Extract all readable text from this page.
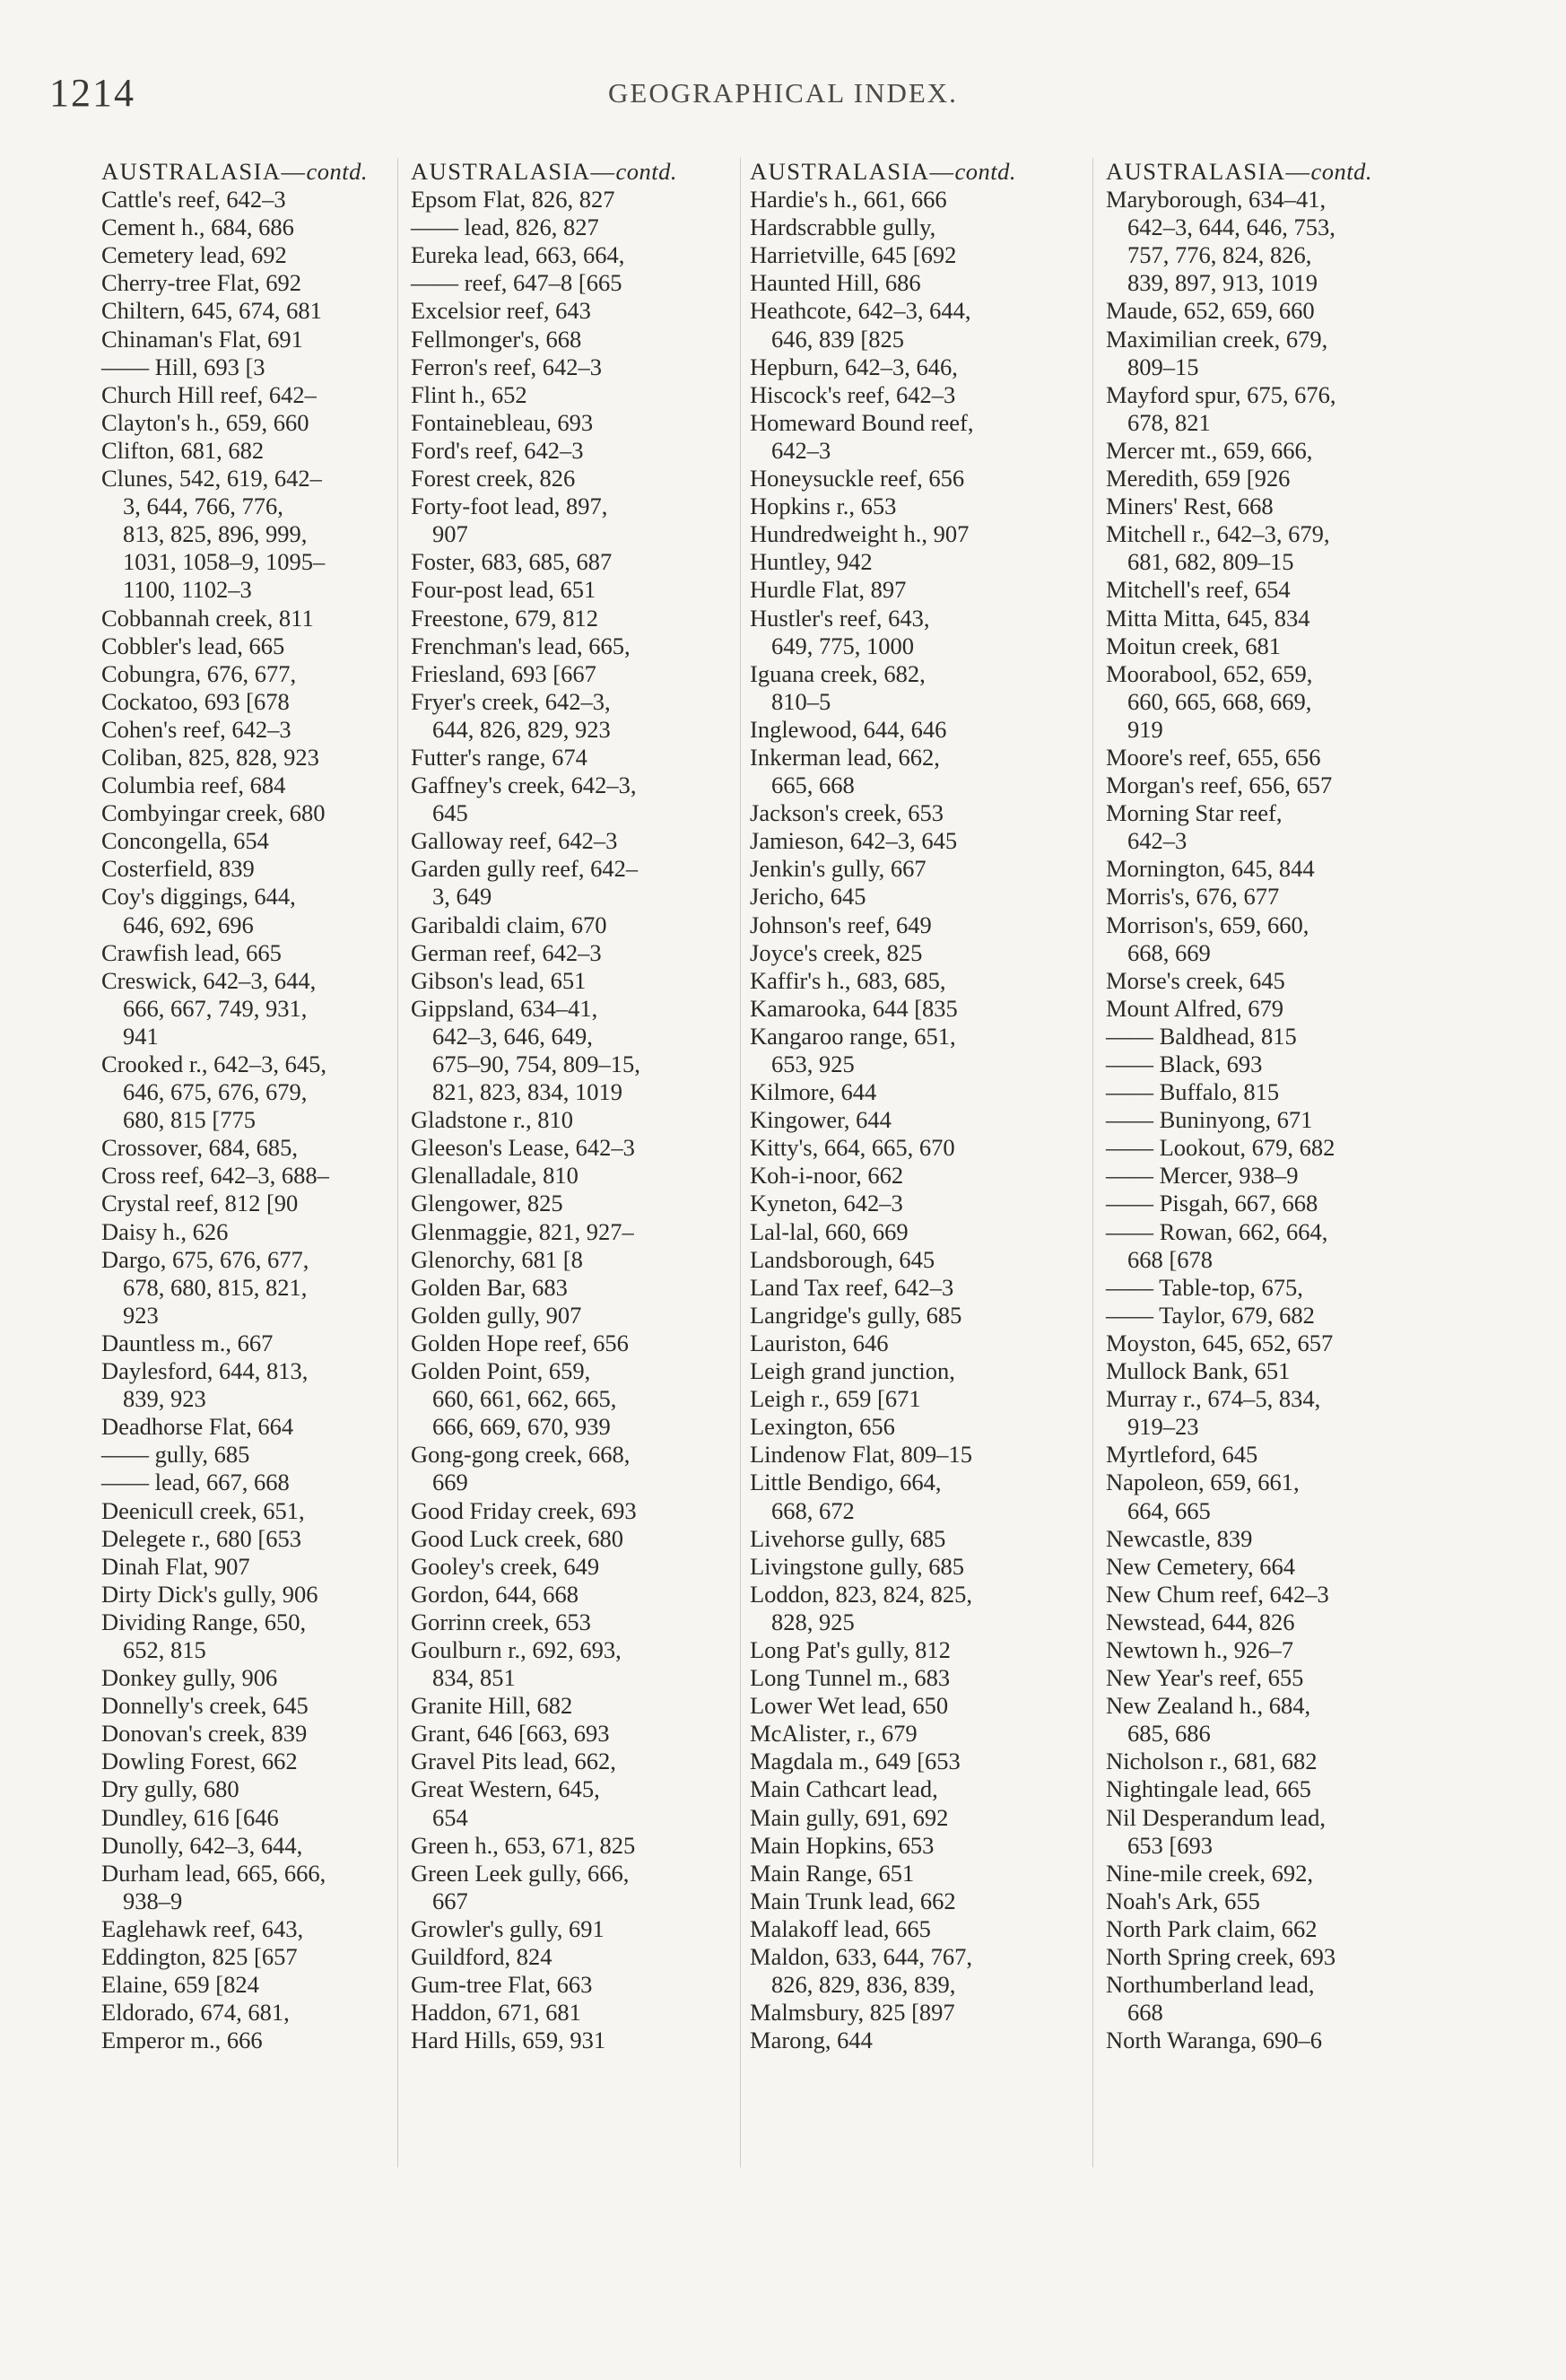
1214	GEOGRAPHICAL INDEX.
AUSTRALASIA—contd.
Cattle's reef, 642–3
Cement h., 684, 686
Cemetery lead, 692
Cherry-tree Flat, 692
Chiltern, 645, 674, 681
Chinaman's Flat, 691
—— Hill, 693 [3
Church Hill reef, 642–
Clayton's h., 659, 660
Clifton, 681, 682
Clunes, 542, 619, 642–
3, 644, 766, 776,
813, 825, 896, 999,
1031, 1058–9, 1095–
1100, 1102–3
Cobbannah creek, 811
Cobbler's lead, 665
Cobungra, 676, 677,
Cockatoo, 693 [678
Cohen's reef, 642–3
Coliban, 825, 828, 923
Columbia reef, 684
Combyingar creek, 680
Concongella, 654
Costerfield, 839
Coy's diggings, 644,
646, 692, 696
Crawfish lead, 665
Creswick, 642–3, 644,
666, 667, 749, 931,
941
Crooked r., 642–3, 645,
646, 675, 676, 679,
680, 815 [775
Crossover, 684, 685,
Cross reef, 642–3, 688–
Crystal reef, 812 [90
Daisy h., 626
Dargo, 675, 676, 677,
678, 680, 815, 821,
923
Dauntless m., 667
Daylesford, 644, 813,
839, 923
Deadhorse Flat, 664
—— gully, 685
—— lead, 667, 668
Deenicull creek, 651,
Delegete r., 680 [653
Dinah Flat, 907
Dirty Dick's gully, 906
Dividing Range, 650,
652, 815
Donkey gully, 906
Donnelly's creek, 645
Donovan's creek, 839
Dowling Forest, 662
Dry gully, 680
Dundley, 616 [646
Dunolly, 642–3, 644,
Durham lead, 665, 666,
938–9
Eaglehawk reef, 643,
Eddington, 825 [657
Elaine, 659 [824
Eldorado, 674, 681,
Emperor m., 666
AUSTRALASIA—contd.
Epsom Flat, 826, 827
—— lead, 826, 827
Eureka lead, 663, 664,
—— reef, 647–8 [665
Excelsior reef, 643
Fellmonger's, 668
Ferron's reef, 642–3
Flint h., 652
Fontainebleau, 693
Ford's reef, 642–3
Forest creek, 826
Forty-foot lead, 897,
907
Foster, 683, 685, 687
Four-post lead, 651
Freestone, 679, 812
Frenchman's lead, 665,
Friesland, 693 [667
Fryer's creek, 642–3,
644, 826, 829, 923
Futter's range, 674
Gaffney's creek, 642–3,
645
Galloway reef, 642–3
Garden gully reef, 642–
3, 649
Garibaldi claim, 670
German reef, 642–3
Gibson's lead, 651
Gippsland, 634–41,
642–3, 646, 649,
675–90, 754, 809–15,
821, 823, 834, 1019
Gladstone r., 810
Gleeson's Lease, 642–3
Glenalladale, 810
Glengower, 825
Glenmaggie, 821, 927–
Glenorchy, 681 [8
Golden Bar, 683
Golden gully, 907
Golden Hope reef, 656
Golden Point, 659,
660, 661, 662, 665,
666, 669, 670, 939
Gong-gong creek, 668,
669
Good Friday creek, 693
Good Luck creek, 680
Gooley's creek, 649
Gordon, 644, 668
Gorrinn creek, 653
Goulburn r., 692, 693,
834, 851
Granite Hill, 682
Grant, 646 [663, 693
Gravel Pits lead, 662,
Great Western, 645,
654
Green h., 653, 671, 825
Green Leek gully, 666,
667
Growler's gully, 691
Guildford, 824
Gum-tree Flat, 663
Haddon, 671, 681
Hard Hills, 659, 931
AUSTRALASIA—contd.
Hardie's h., 661, 666
Hardscrabble gully,
Harrietville, 645 [692
Haunted Hill, 686
Heathcote, 642–3, 644,
646, 839 [825
Hepburn, 642–3, 646,
Hiscock's reef, 642–3
Homeward Bound reef,
642–3
Honeysuckle reef, 656
Hopkins r., 653
Hundredweight h., 907
Huntley, 942
Hurdle Flat, 897
Hustler's reef, 643,
649, 775, 1000
Iguana creek, 682,
810–5
Inglewood, 644, 646
Inkerman lead, 662,
665, 668
Jackson's creek, 653
Jamieson, 642–3, 645
Jenkin's gully, 667
Jericho, 645
Johnson's reef, 649
Joyce's creek, 825
Kaffir's h., 683, 685,
Kamarooka, 644 [835
Kangaroo range, 651,
653, 925
Kilmore, 644
Kingower, 644
Kitty's, 664, 665, 670
Koh-i-noor, 662
Kyneton, 642–3
Lal-lal, 660, 669
Landsborough, 645
Land Tax reef, 642–3
Langridge's gully, 685
Lauriston, 646
Leigh grand junction,
Leigh r., 659 [671
Lexington, 656
Lindenow Flat, 809–15
Little Bendigo, 664,
668, 672
Livehorse gully, 685
Livingstone gully, 685
Loddon, 823, 824, 825,
828, 925
Long Pat's gully, 812
Long Tunnel m., 683
Lower Wet lead, 650
McAlister, r., 679
Magdala m., 649 [653
Main Cathcart lead,
Main gully, 691, 692
Main Hopkins, 653
Main Range, 651
Main Trunk lead, 662
Malakoff lead, 665
Maldon, 633, 644, 767,
826, 829, 836, 839,
Malmsbury, 825 [897
Marong, 644
AUSTRALASIA—contd.
Maryborough, 634–41,
642–3, 644, 646, 753,
757, 776, 824, 826,
839, 897, 913, 1019
Maude, 652, 659, 660
Maximilian creek, 679,
809–15
Mayford spur, 675, 676,
678, 821
Mercer mt., 659, 666,
Meredith, 659 [926
Miners' Rest, 668
Mitchell r., 642–3, 679,
681, 682, 809–15
Mitchell's reef, 654
Mitta Mitta, 645, 834
Moitun creek, 681
Moorabool, 652, 659,
660, 665, 668, 669,
919
Moore's reef, 655, 656
Morgan's reef, 656, 657
Morning Star reef,
642–3
Mornington, 645, 844
Morris's, 676, 677
Morrison's, 659, 660,
668, 669
Morse's creek, 645
Mount Alfred, 679
—— Baldhead, 815
—— Black, 693
—— Buffalo, 815
—— Buninyong, 671
—— Lookout, 679, 682
—— Mercer, 938–9
—— Pisgah, 667, 668
—— Rowan, 662, 664,
668 [678
—— Table-top, 675,
—— Taylor, 679, 682
Moyston, 645, 652, 657
Mullock Bank, 651
Murray r., 674–5, 834,
919–23
Myrtleford, 645
Napoleon, 659, 661,
664, 665
Newcastle, 839
New Cemetery, 664
New Chum reef, 642–3
Newstead, 644, 826
Newtown h., 926–7
New Year's reef, 655
New Zealand h., 684,
685, 686
Nicholson r., 681, 682
Nightingale lead, 665
Nil Desperandum lead,
653 [693
Nine-mile creek, 692,
Noah's Ark, 655
North Park claim, 662
North Spring creek, 693
Northumberland lead,
668
North Waranga, 690–6
